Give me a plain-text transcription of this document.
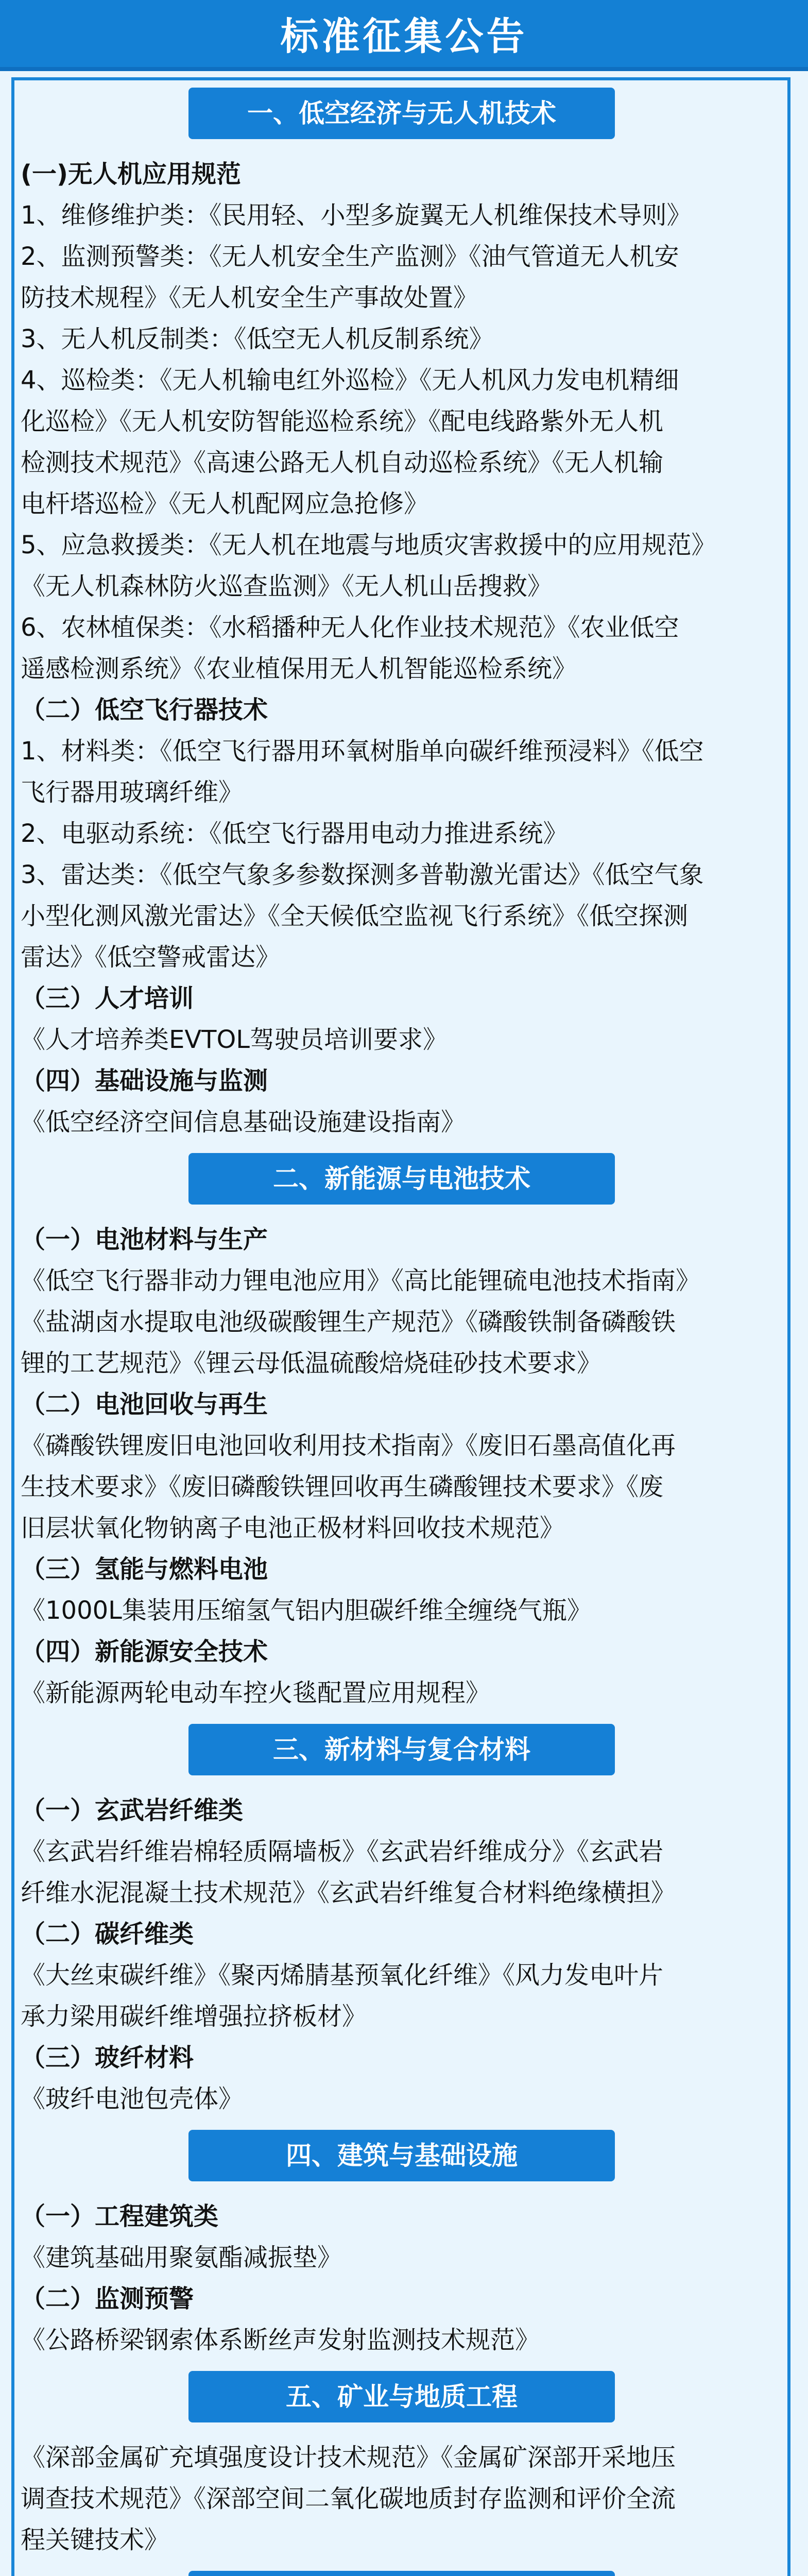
标准征集公告
一、低空经济与无人机技术

(一)无人机应用规范

1、维修维护类：《民用轻、小型多旋翼无人机维保技术导则》

2、监测预警类：《无人机安全生产监测》《油气管道无人机安

防技术规程》《无人机安全生产事故处置》

3、无人机反制类：《低空无人机反制系统》

4、巡检类：《无人机输电红外巡检》《无人机风力发电机精细

化巡检》《无人机安防智能巡检系统》《配电线路紫外无人机

检测技术规范》《高速公路无人机自动巡检系统》《无人机输

电杆塔巡检》《无人机配网应急抢修》

5、应急救援类：《无人机在地震与地质灾害救援中的应用规范》

《无人机森林防火巡查监测》《无人机山岳搜救》

6、农林植保类：《水稻播种无人化作业技术规范》《农业低空

遥感检测系统》《农业植保用无人机智能巡检系统》

（二）低空飞行器技术

1、材料类：《低空飞行器用环氧树脂单向碳纤维预浸料》《低空

飞行器用玻璃纤维》

2、电驱动系统：《低空飞行器用电动力推进系统》

3、雷达类：《低空气象多参数探测多普勒激光雷达》《低空气象

小型化测风激光雷达》《全天候低空监视飞行系统》《低空探测

雷达》《低空警戒雷达》

（三）人才培训

《人才培养类EVTOL驾驶员培训要求》

（四）基础设施与监测

《低空经济空间信息基础设施建设指南》

二、新能源与电池技术

（一）电池材料与生产

《低空飞行器非动力锂电池应用》《高比能锂硫电池技术指南》

《盐湖卤水提取电池级碳酸锂生产规范》《磷酸铁制备磷酸铁

锂的工艺规范》《锂云母低温硫酸焙烧硅砂技术要求》

（二）电池回收与再生

《磷酸铁锂废旧电池回收利用技术指南》《废旧石墨高值化再

生技术要求》《废旧磷酸铁锂回收再生磷酸锂技术要求》《废

旧层状氧化物钠离子电池正极材料回收技术规范》

（三）氢能与燃料电池

《1000L集装用压缩氢气铝内胆碳纤维全缠绕气瓶》

（四）新能源安全技术

《新能源两轮电动车控火毯配置应用规程》

三、新材料与复合材料

（一）玄武岩纤维类

《玄武岩纤维岩棉轻质隔墙板》《玄武岩纤维成分》《玄武岩

纤维水泥混凝土技术规范》《玄武岩纤维复合材料绝缘横担》

（二）碳纤维类

《大丝束碳纤维》《聚丙烯腈基预氧化纤维》《风力发电叶片

承力梁用碳纤维增强拉挤板材》

（三）玻纤材料

《玻纤电池包壳体》

四、建筑与基础设施

（一）工程建筑类

《建筑基础用聚氨酯减振垫》

（二）监测预警

《公路桥梁钢索体系断丝声发射监测技术规范》

五、矿业与地质工程

《深部金属矿充填强度设计技术规范》《金属矿深部开采地压

调查技术规范》《深部空间二氧化碳地质封存监测和评价全流

程关键技术》
